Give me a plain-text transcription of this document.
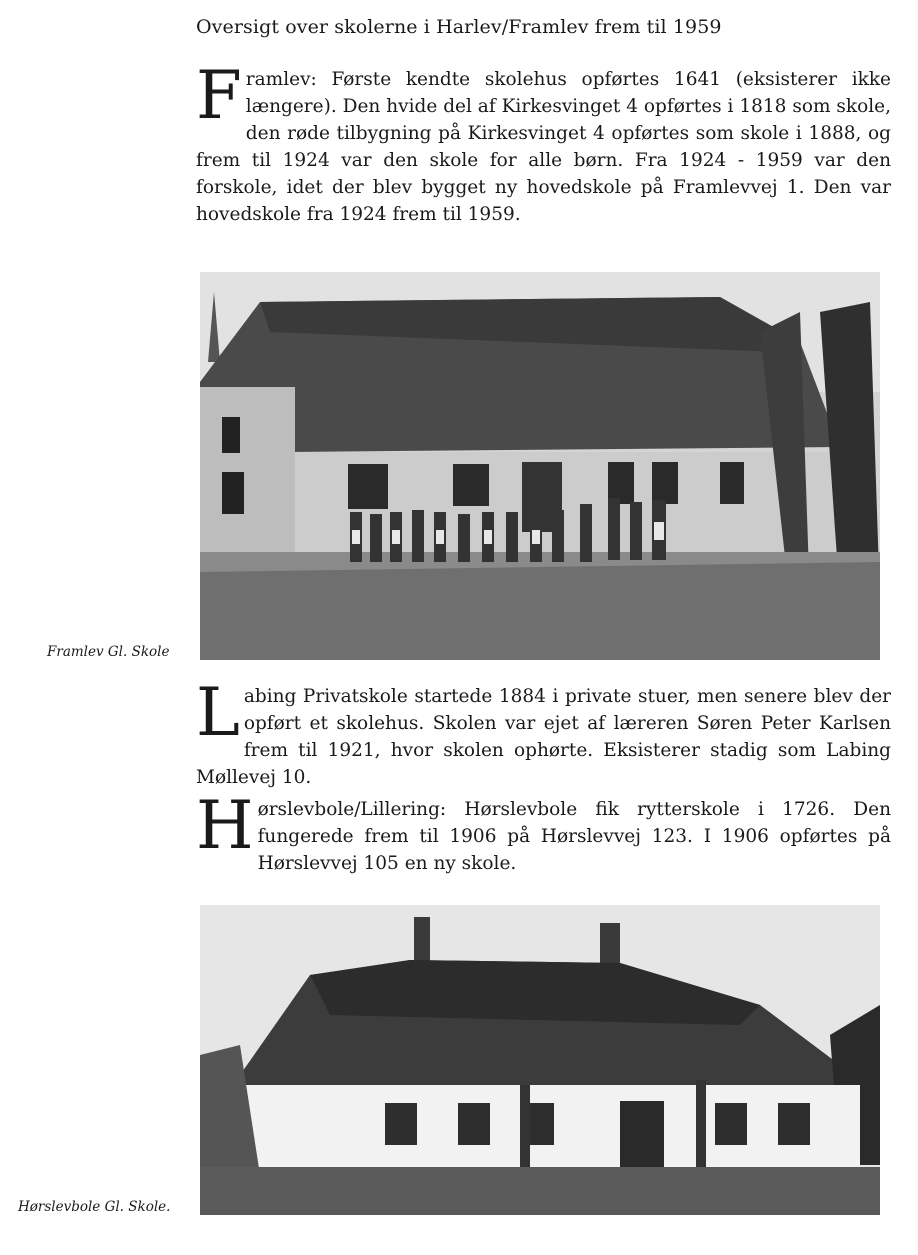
Oversigt over skolerne i Harlev/Framlev frem til 1959
Framlev: Første kendte skolehus opførtes 1641 (eksisterer ikke længere). Den hvide del af Kirkesvinget 4 opførtes i 1818 som skole, den røde tilbygning på Kirkesvinget 4 opførtes som skole i 1888, og frem til 1924 var den skole for alle børn. Fra 1924 - 1959 var den forskole, idet der blev bygget ny hovedskole på Framlevvej 1. Den var hovedskole fra 1924 frem til 1959.
Framlev Gl. Skole
Labing Privatskole startede 1884 i private stuer, men senere blev der opført et skolehus. Skolen var ejet af læreren Søren Peter Karlsen frem til 1921, hvor skolen ophørte. Eksisterer stadig som Labing Møllevej 10.
Hørslevbole/Lillering: Hørslevbole fik rytterskole i 1726. Den fungerede frem til 1906 på Hørslevvej 123. I 1906 opførtes på Hørslevvej 105 en ny skole.
Hørslevbole Gl. Skole.
